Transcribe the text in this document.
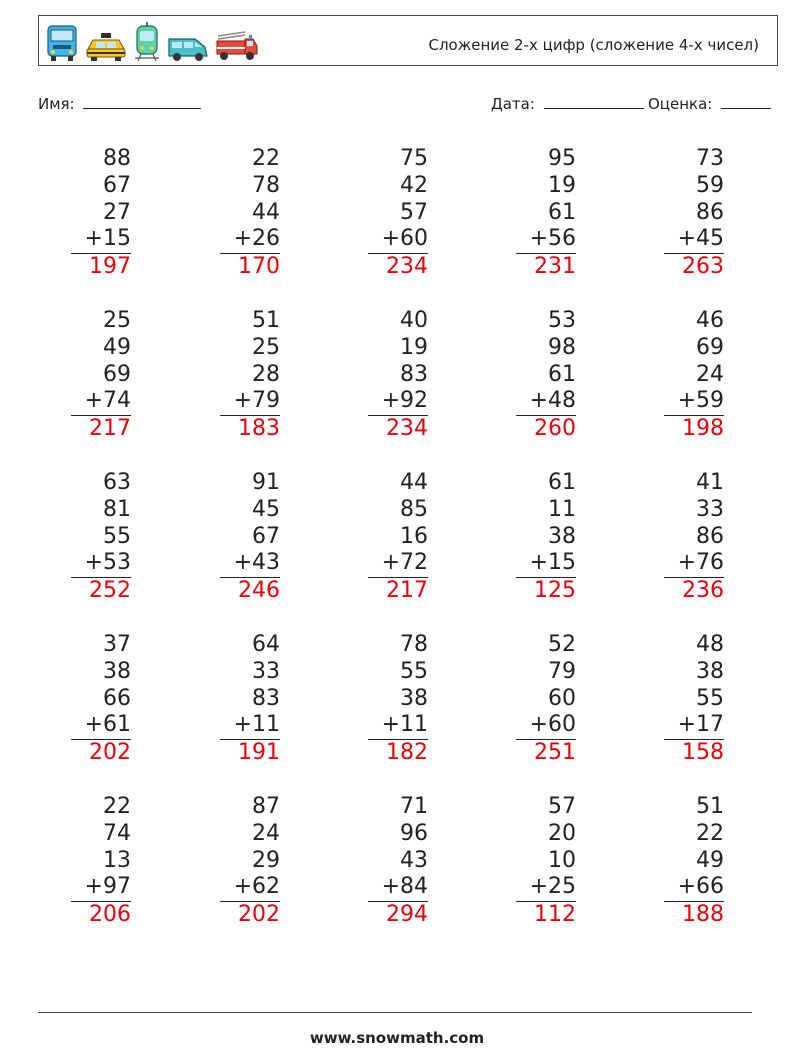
Сложение 2-х цифр (сложение 4-х чисел)
Имя:	Дата:	Оценка:
88
67
27
+15
197
22
78
44
+26
170
75
42
57
+60
234
95
19
61
+56
231
73
59
86
+45
263
25
49
69
+74
217
51
25
28
+79
183
40
19
83
+92
234
53
98
61
+48
260
46
69
24
+59
198
63
81
55
+53
252
91
45
67
+43
246
44
85
16
+72
217
61
11
38
+15
125
41
33
86
+76
236
37
38
66
+61
202
64
33
83
+11
191
78
55
38
+11
182
52
79
60
+60
251
48
38
55
+17
158
22
74
13
+97
206
87
24
29
+62
202
71
96
43
+84
294
57
20
10
+25
112
51
22
49
+66
188
www.snowmath.com
